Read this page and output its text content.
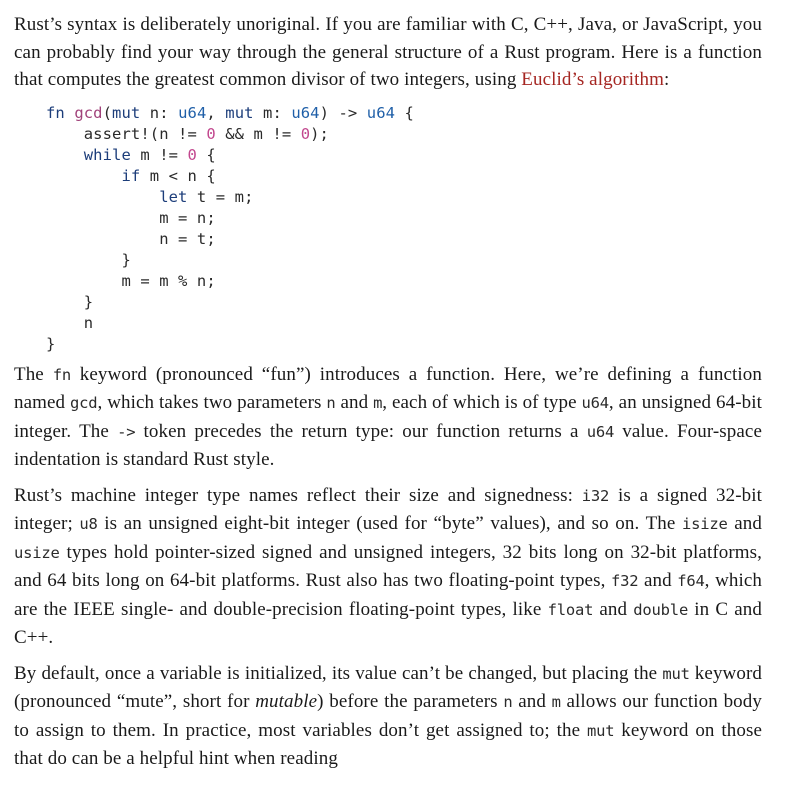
Rust’s syntax is deliberately unoriginal. If you are familiar with C, C++, Java, or JavaScript, you can probably find your way through the general structure of a Rust program. Here is a function that computes the greatest common divisor of two integers, using Euclid’s algorithm:

fn gcd(mut n: u64, mut m: u64) -> u64 {
assert!(n != 0 && m != 0);
while m != 0 {
if m < n {
let t = m;
m = n;
n = t;
}
m = m % n;
}
n
}

The fn keyword (pronounced “fun”) introduces a function. Here, we’re defining a function named gcd, which takes two parameters n and m, each of which is of type u64, an unsigned 64-bit integer. The -> token precedes the return type: our function returns a u64 value. Four-space indentation is standard Rust style.

Rust’s machine integer type names reflect their size and signedness: i32 is a signed 32-bit integer; u8 is an unsigned eight-bit integer (used for “byte” values), and so on. The isize and usize types hold pointer-sized signed and unsigned integers, 32 bits long on 32-bit platforms, and 64 bits long on 64-bit platforms. Rust also has two floating-point types, f32 and f64, which are the IEEE single- and double-precision floating-point types, like float and double in C and C++.

By default, once a variable is initialized, its value can’t be changed, but placing the mut keyword (pronounced “mute”, short for mutable) before the parameters n and m allows our function body to assign to them. In practice, most variables don’t get assigned to; the mut keyword on those that do can be a helpful hint when reading
